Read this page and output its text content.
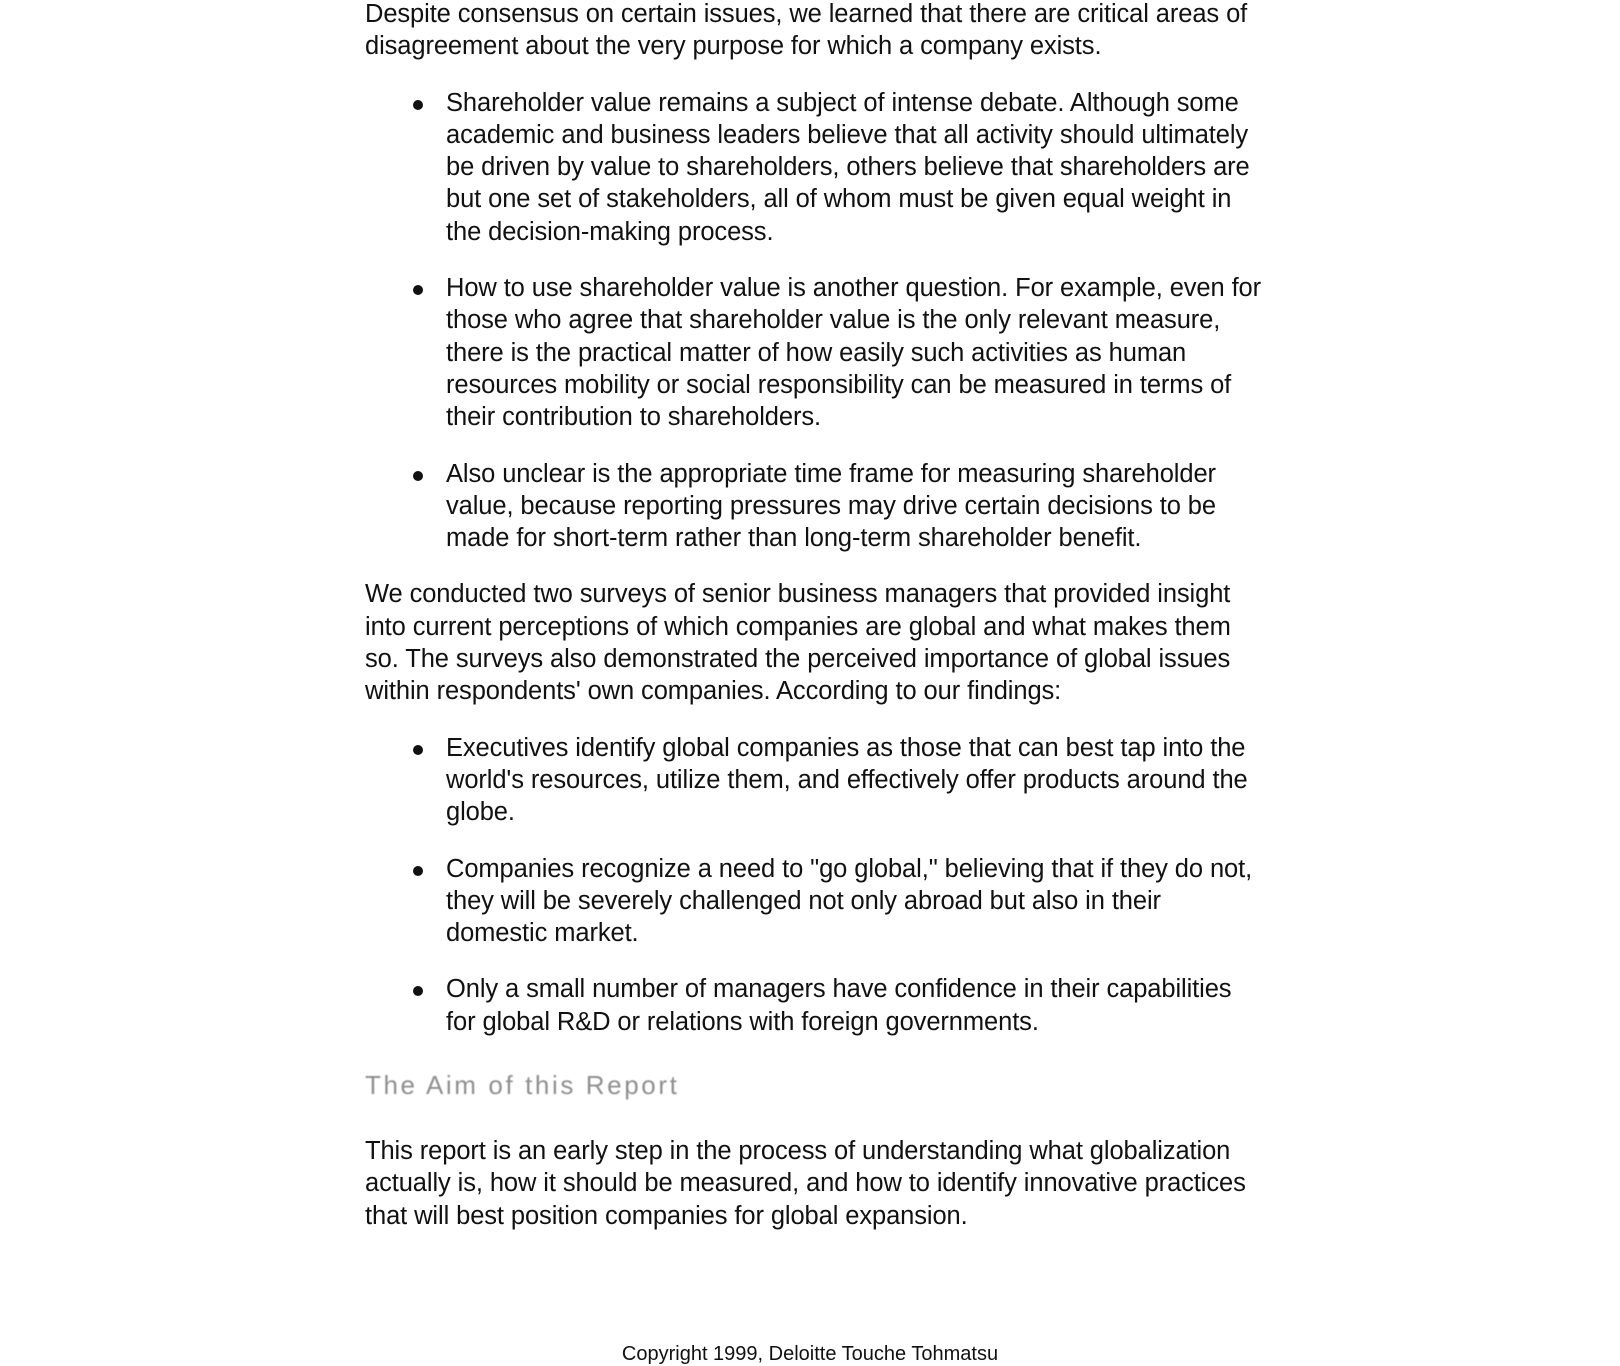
Despite consensus on certain issues, we learned that there are critical areas of disagreement about the very purpose for which a company exists.

Shareholder value remains a subject of intense debate. Although some academic and business leaders believe that all activity should ultimately be driven by value to shareholders, others believe that shareholders are but one set of stakeholders, all of whom must be given equal weight in the decision-making process.
How to use shareholder value is another question. For example, even for those who agree that shareholder value is the only relevant measure, there is the practical matter of how easily such activities as human resources mobility or social responsibility can be measured in terms of their contribution to shareholders.
Also unclear is the appropriate time frame for measuring shareholder value, because reporting pressures may drive certain decisions to be made for short-term rather than long-term shareholder benefit.

We conducted two surveys of senior business managers that provided insight into current perceptions of which companies are global and what makes them so. The surveys also demonstrated the perceived importance of global issues within respondents' own companies. According to our findings:

Executives identify global companies as those that can best tap into the world's resources, utilize them, and effectively offer products around the globe.
Companies recognize a need to "go global," believing that if they do not, they will be severely challenged not only abroad but also in their domestic market.
Only a small number of managers have confidence in their capabilities for global R&D or relations with foreign governments.
The Aim of this Report

This report is an early step in the process of understanding what globalization actually is, how it should be measured, and how to identify innovative practices that will best position companies for global expansion.

Copyright 1999, Deloitte Touche Tohmatsu
